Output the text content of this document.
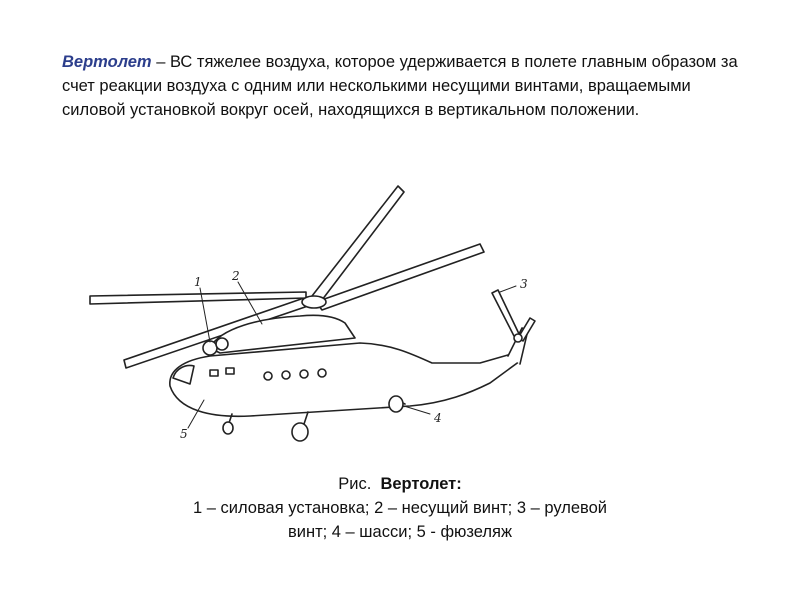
Вертолет – ВС тяжелее воздуха, которое удерживается в полете главным образом за счет реакции воздуха с одним или несколькими несущими винтами, вращаемыми силовой установкой вокруг осей, находящихся в вертикальном положении.

1	2
3
4
5

Рис. Вертолет:

1 – силовая установка; 2 – несущий винт; 3 – рулевой

винт; 4 – шасси; 5 - фюзеляж
